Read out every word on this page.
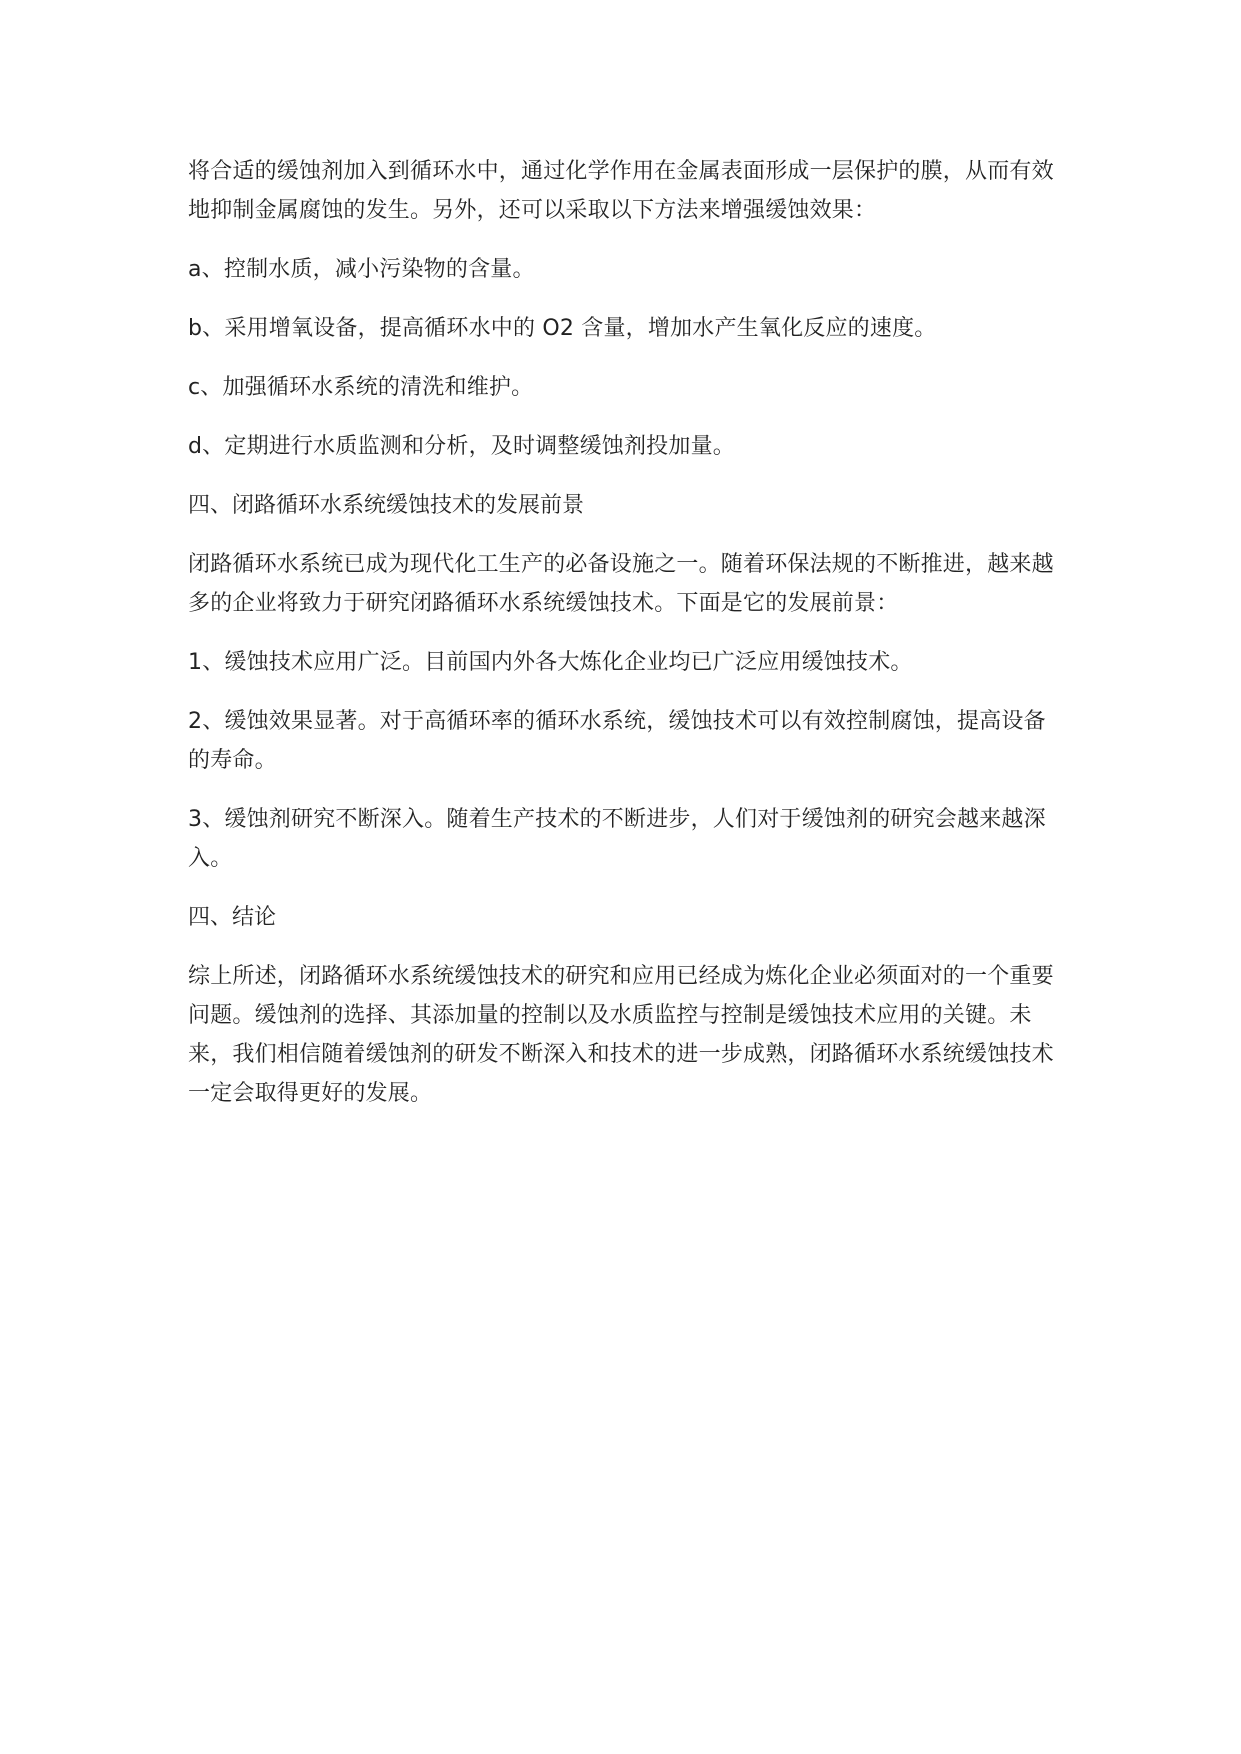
将合适的缓蚀剂加入到循环水中，通过化学作用在金属表面形成一层保护的膜，从而有效地抑制金属腐蚀的发生。另外，还可以采取以下方法来增强缓蚀效果：

a、控制水质，减小污染物的含量。

b、采用增氧设备，提高循环水中的 O2 含量，增加水产生氧化反应的速度。

c、加强循环水系统的清洗和维护。

d、定期进行水质监测和分析，及时调整缓蚀剂投加量。

四、闭路循环水系统缓蚀技术的发展前景

闭路循环水系统已成为现代化工生产的必备设施之一。随着环保法规的不断推进，越来越多的企业将致力于研究闭路循环水系统缓蚀技术。下面是它的发展前景：

1、缓蚀技术应用广泛。目前国内外各大炼化企业均已广泛应用缓蚀技术。

2、缓蚀效果显著。对于高循环率的循环水系统，缓蚀技术可以有效控制腐蚀，提高设备的寿命。

3、缓蚀剂研究不断深入。随着生产技术的不断进步，人们对于缓蚀剂的研究会越来越深入。

四、结论

综上所述，闭路循环水系统缓蚀技术的研究和应用已经成为炼化企业必须面对的一个重要问题。缓蚀剂的选择、其添加量的控制以及水质监控与控制是缓蚀技术应用的关键。未来，我们相信随着缓蚀剂的研发不断深入和技术的进一步成熟，闭路循环水系统缓蚀技术一定会取得更好的发展。
